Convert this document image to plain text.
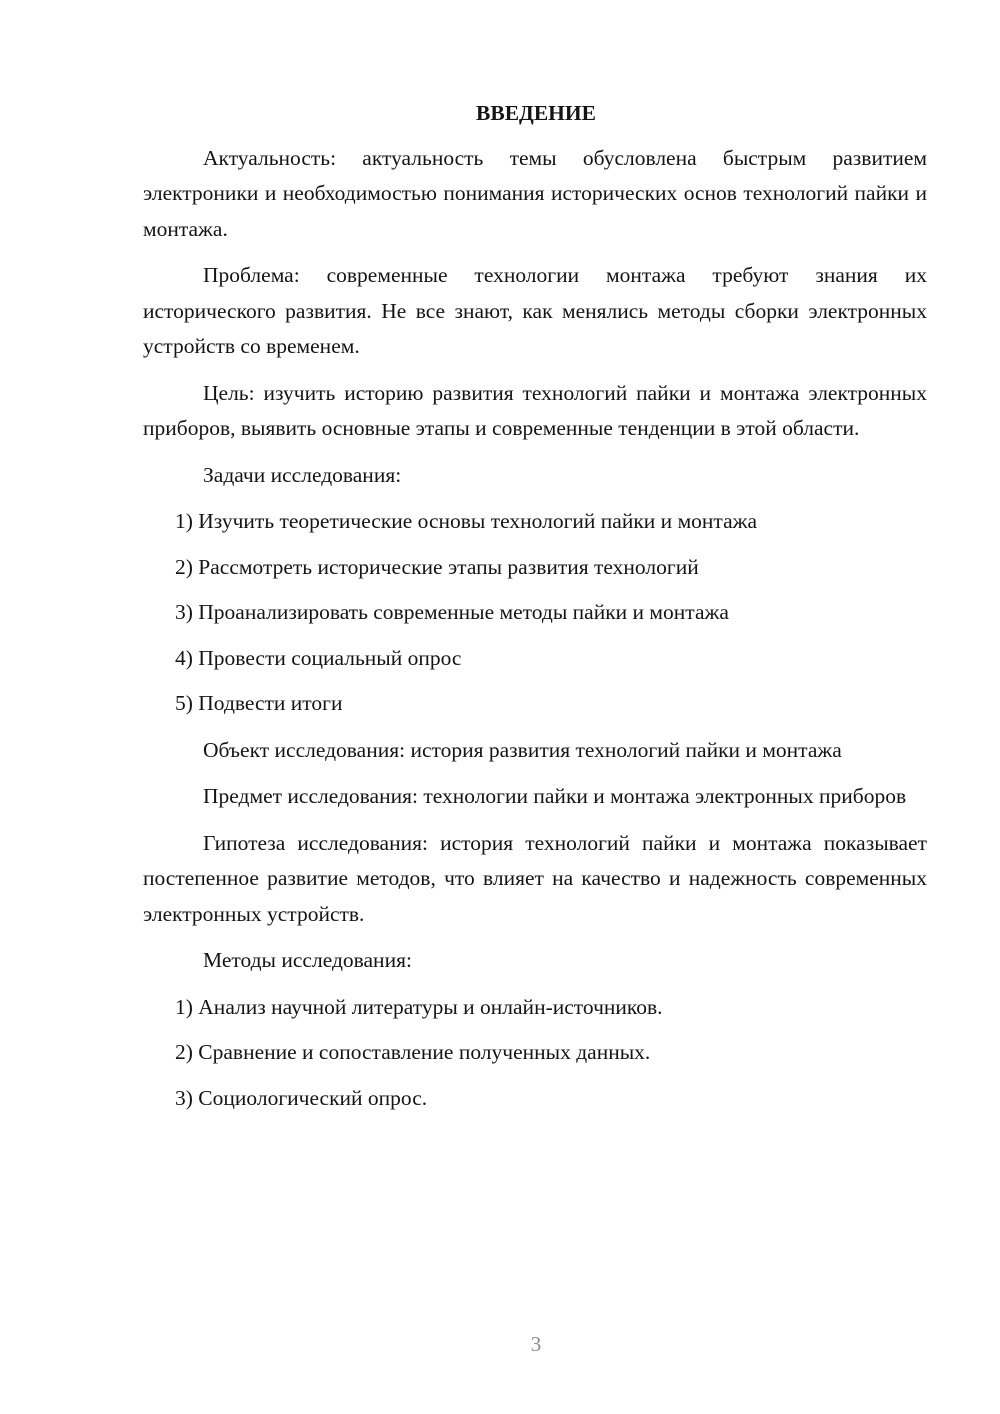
ВВЕДЕНИЕ

Актуальность: актуальность темы обусловлена быстрым развитием электроники и необходимостью понимания исторических основ технологий пайки и монтажа.

Проблема: современные технологии монтажа требуют знания их исторического развития. Не все знают, как менялись методы сборки электронных устройств со временем.

Цель: изучить историю развития технологий пайки и монтажа электронных приборов, выявить основные этапы и современные тенденции в этой области.

Задачи исследования:

1) Изучить теоретические основы технологий пайки и монтажа
2) Рассмотреть исторические этапы развития технологий
3) Проанализировать современные методы пайки и монтажа
4) Провести социальный опрос
5) Подвести итоги

Объект исследования: история развития технологий пайки и монтажа

Предмет исследования: технологии пайки и монтажа электронных приборов

Гипотеза исследования: история технологий пайки и монтажа показывает постепенное развитие методов, что влияет на качество и надежность современных электронных устройств.

Методы исследования:

1) Анализ научной литературы и онлайн-источников.
2) Сравнение и сопоставление полученных данных.
3) Социологический опрос.
3
